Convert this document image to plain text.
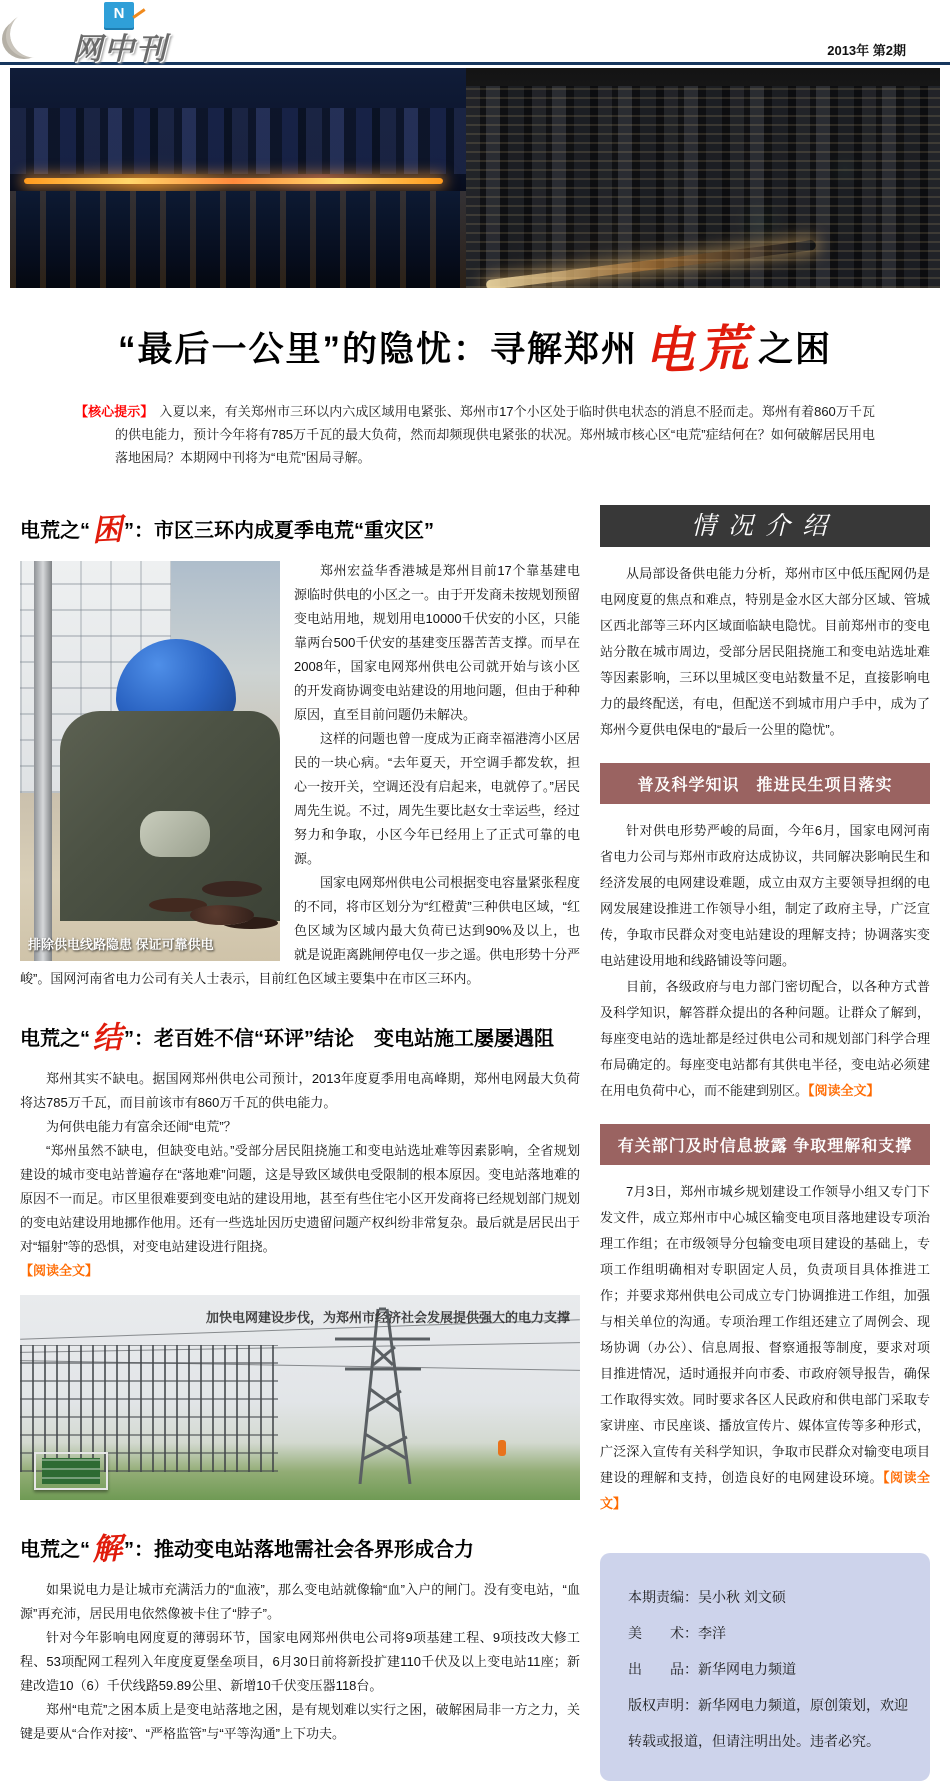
N
网中刊	2013年 第2期
“最后一公里”的隐忧：寻解郑州 电荒 之困
【核心提示】 入夏以来，有关郑州市三环以内六成区域用电紧张、郑州市17个小区处于临时供电状态的消息不胫而走。郑州有着860万千瓦的供电能力，预计今年将有785万千瓦的最大负荷，然而却频现供电紧张的状况。郑州城市核心区“电荒”症结何在？如何破解居民用电落地困局？本期网中刊将为“电荒”困局寻解。
电荒之“困”：市区三环内成夏季电荒“重灾区”
排除供电线路隐患 保证可靠供电

郑州宏益华香港城是郑州目前17个靠基建电源临时供电的小区之一。由于开发商未按规划预留变电站用地，规划用电10000千伏安的小区，只能靠两台500千伏安的基建变压器苦苦支撑。而早在2008年，国家电网郑州供电公司就开始与该小区的开发商协调变电站建设的用地问题，但由于种种原因，直至目前问题仍未解决。

这样的问题也曾一度成为正商幸福港湾小区居民的一块心病。“去年夏天，开空调手都发软，担心一按开关，空调还没有启起来，电就停了。”居民周先生说。不过，周先生要比赵女士幸运些，经过努力和争取，小区今年已经用上了正式可靠的电源。

国家电网郑州供电公司根据变电容量紧张程度的不同，将市区划分为“红橙黄”三种供电区域，“红色区域为区域内最大负荷已达到90%及以上，也就是说距离跳闸停电仅一步之遥。供电形势十分严峻”。国网河南省电力公司有关人士表示，目前红色区域主要集中在市区三环内。

电荒之“结”：老百姓不信“环评”结论　变电站施工屡屡遇阻

郑州其实不缺电。据国网郑州供电公司预计，2013年度夏季用电高峰期，郑州电网最大负荷将达785万千瓦，而目前该市有860万千瓦的供电能力。

为何供电能力有富余还闹“电荒”？

“郑州虽然不缺电，但缺变电站。”受部分居民阻挠施工和变电站选址难等因素影响，全省规划建设的城市变电站普遍存在“落地难”问题，这是导致区域供电受限制的根本原因。变电站落地难的原因不一而足。市区里很难要到变电站的建设用地，甚至有些住宅小区开发商将已经规划部门规划的变电站建设用地挪作他用。还有一些选址因历史遗留问题产权纠纷非常复杂。最后就是居民出于对“辐射”等的恐惧，对变电站建设进行阻挠。

【阅读全文】

加快电网建设步伐，为郑州市经济社会发展提供强大的电力支撑
电荒之“解”：推动变电站落地需社会各界形成合力

如果说电力是让城市充满活力的“血液”，那么变电站就像输“血”入户的闸门。没有变电站，“血源”再充沛，居民用电依然像被卡住了“脖子”。

针对今年影响电网度夏的薄弱环节，国家电网郑州供电公司将9项基建工程、9项技改大修工程、53项配网工程列入年度度夏堡垒项目，6月30日前将新投扩建110千伏及以上变电站11座；新建改造10（6）千伏线路59.89公里、新增10千伏变压器118台。

郑州“电荒”之困本质上是变电站落地之困，是有规划难以实行之困，破解困局非一方之力，关键是要从“合作对接”、“严格监管”与“平等沟通”上下功夫。

情况介绍

从局部设备供电能力分析，郑州市区中低压配网仍是电网度夏的焦点和难点，特别是金水区大部分区域、管城区西北部等三环内区域面临缺电隐忧。目前郑州市的变电站分散在城市周边，受部分居民阻挠施工和变电站选址难等因素影响，三环以里城区变电站数量不足，直接影响电力的最终配送，有电，但配送不到城市用户手中，成为了郑州今夏供电保电的“最后一公里的隐忧”。

普及科学知识　推进民生项目落实

针对供电形势严峻的局面，今年6月，国家电网河南省电力公司与郑州市政府达成协议，共同解决影响民生和经济发展的电网建设难题，成立由双方主要领导担纲的电网发展建设推进工作领导小组，制定了政府主导，广泛宣传，争取市民群众对变电站建设的理解支持；协调落实变电站建设用地和线路铺设等问题。

目前，各级政府与电力部门密切配合，以各种方式普及科学知识，解答群众提出的各种问题。让群众了解到，每座变电站的选址都是经过供电公司和规划部门科学合理布局确定的。每座变电站都有其供电半径，变电站必须建在用电负荷中心，而不能建到别区。【阅读全文】

有关部门及时信息披露 争取理解和支撑

7月3日，郑州市城乡规划建设工作领导小组又专门下发文件，成立郑州市中心城区输变电项目落地建设专项治理工作组；在市级领导分包输变电项目建设的基础上，专项工作组明确相对专职固定人员，负责项目具体推进工作；并要求郑州供电公司成立专门协调推进工作组，加强与相关单位的沟通。专项治理工作组还建立了周例会、现场协调（办公）、信息周报、督察通报等制度，要求对项目推进情况，适时通报并向市委、市政府领导报告，确保工作取得实效。同时要求各区人民政府和供电部门采取专家讲座、市民座谈、播放宣传片、媒体宣传等多种形式，广泛深入宣传有关科学知识，争取市民群众对输变电项目建设的理解和支持，创造良好的电网建设环境。【阅读全文】

本期责编：吴小秋 刘文硕
美　　术：李洋
出　　品：新华网电力频道
版权声明：新华网电力频道，原创策划，欢迎转载或报道，但请注明出处。违者必究。
